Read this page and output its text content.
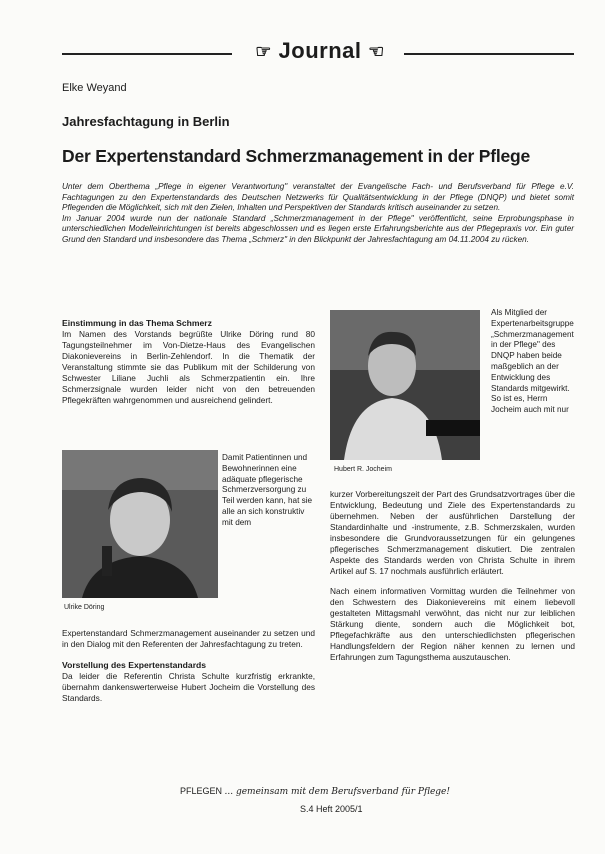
☞ Journal ☜
Elke Weyand
Jahresfachtagung in Berlin
Der Expertenstandard Schmerzmanagement in der Pflege

Unter dem Oberthema „Pflege in eigener Verantwortung" veranstaltet der Evangelische Fach- und Berufsverband für Pflege e.V. Fachtagungen zu den Expertenstandards des Deutschen Netzwerks für Qualitätsentwicklung in der Pflege (DNQP) und bietet somit Pflegenden die Möglichkeit, sich mit den Zielen, Inhalten und Perspektiven der Standards kritisch auseinander zu setzen.

Im Januar 2004 wurde nun der nationale Standard „Schmerzmanagement in der Pflege" veröffentlicht, seine Erprobungsphase in unterschiedlichen Modelleinrichtungen ist bereits abgeschlossen und es liegen erste Erfahrungsberichte aus der Pflegepraxis vor. Ein guter Grund den Standard und insbesondere das Thema „Schmerz" in den Blickpunkt der Jahresfachtagung am 04.11.2004 zu rücken.

Einstimmung in das Thema Schmerz

Im Namen des Vorstands begrüßte Ulrike Döring rund 80 Tagungsteilnehmer im Von-Dietze-Haus des Evangelischen Diakonievereins in Berlin-Zehlendorf. In die Thematik der Veranstaltung stimmte sie das Publikum mit der Schilderung von Schwester Liliane Juchli als Schmerzpatientin ein. Ihre Schmerzsignale wurden leider nicht von den betreuenden Pflegekräften wahrgenommen und ausreichend gelindert.

Ulrike Döring
Damit Patientinnen und Bewohnerinnen eine adäquate pflegerische Schmerzversorgung zu Teil werden kann, hat sie alle an sich konstruktiv mit dem

Expertenstandard Schmerzmanagement auseinander zu setzen und in den Dialog mit den Referenten der Jahresfachtagung zu treten.

Vorstellung des Expertenstandards

Da leider die Referentin Christa Schulte kurzfristig erkrankte, übernahm dankenswerterweise Hubert Jocheim die Vorstellung des Standards.

Hubert R. Jocheim
Als Mitglied der Expertenarbeitsgruppe „Schmerzmanagement in der Pflege" des DNQP haben beide maßgeblich an der Entwicklung des Standards mitgewirkt. So ist es, Herrn Jocheim auch mit nur

kurzer Vorbereitungszeit der Part des Grundsatzvortrages über die Entwicklung, Bedeutung und Ziele des Expertenstandards zu übernehmen. Neben der ausführlichen Darstellung der Standardinhalte und -instrumente, z.B. Schmerzskalen, wurden insbesondere die Grundvoraussetzungen für ein gelungenes pflegerisches Schmerzmanagement diskutiert. Die zentralen Aspekte des Standards werden von Christa Schulte in ihrem Artikel auf S. 17 nochmals ausführlich erläutert.

Nach einem informativen Vormittag wurden die Teilnehmer von den Schwestern des Diakonievereins mit einem liebevoll gestalteten Mittagsmahl verwöhnt, das nicht nur zur leiblichen Stärkung diente, sondern auch die Möglichkeit bot, Pflegefachkräfte aus den unterschiedlichsten pflegerischen Handlungsfeldern der Region näher kennen zu lernen und Erfahrungen zum Tagungsthema auszutauschen.

PFLEGEN ... gemeinsam mit dem Berufsverband für Pflege!
S.4 Heft 2005/1
